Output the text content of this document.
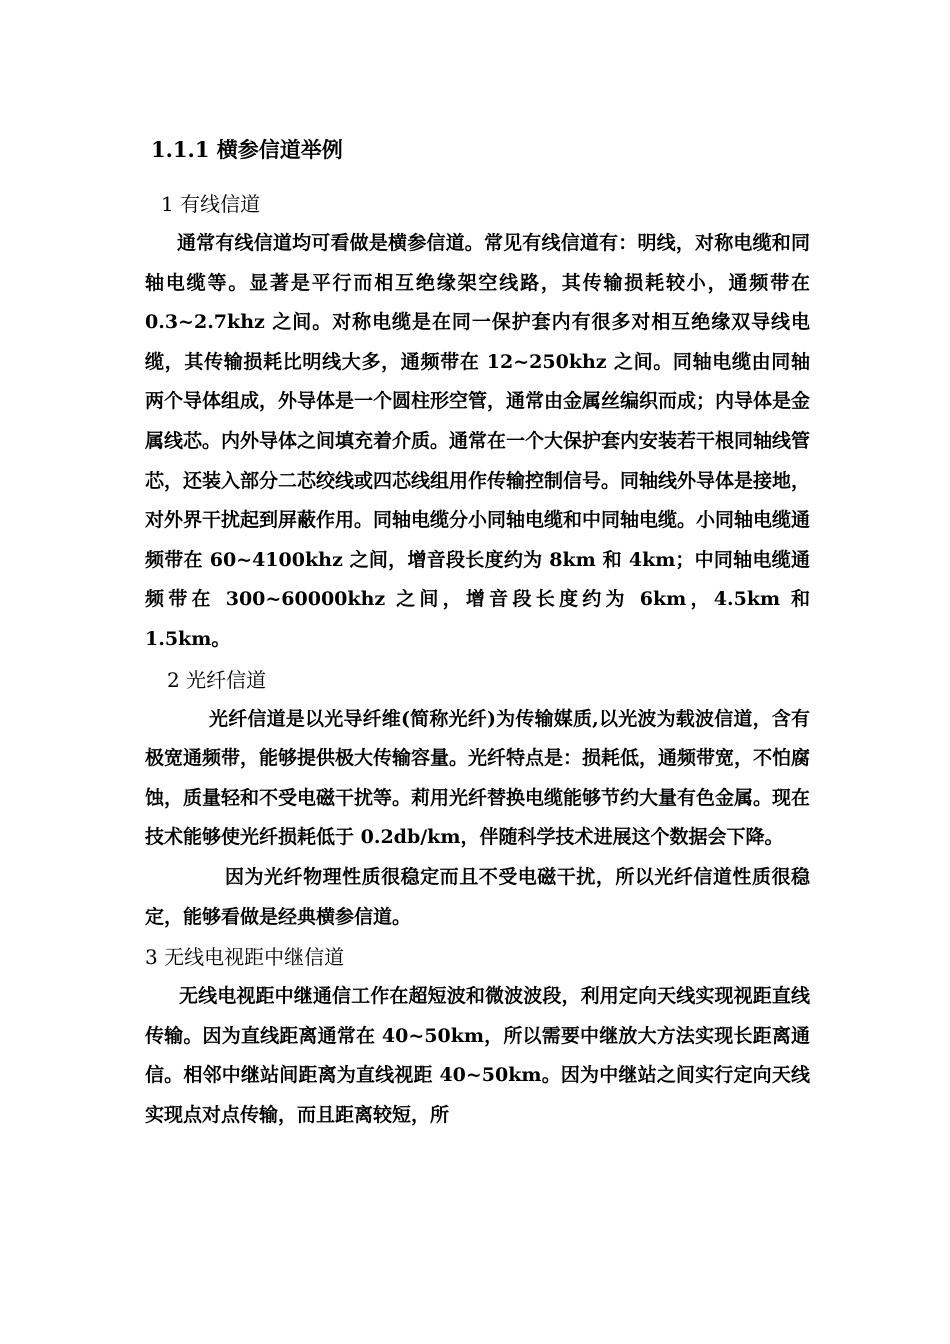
1.1.1 横参信道举例
1 有线信道

通常有线信道均可看做是横参信道。常见有线信道有：明线，对称电缆和同轴电缆等。显著是平行而相互绝缘架空线路，其传输损耗较小，通频带在 0.3~2.7khz 之间。对称电缆是在同一保护套内有很多对相互绝缘双导线电缆，其传输损耗比明线大多，通频带在 12~250khz 之间。同轴电缆由同轴两个导体组成，外导体是一个圆柱形空管，通常由金属丝编织而成；内导体是金属线芯。内外导体之间填充着介质。通常在一个大保护套内安装若干根同轴线管芯，还装入部分二芯绞线或四芯线组用作传输控制信号。同轴线外导体是接地，对外界干扰起到屏蔽作用。同轴电缆分小同轴电缆和中同轴电缆。小同轴电缆通频带在 60~4100khz 之间，增音段长度约为 8km 和 4km；中同轴电缆通频带在 300~60000khz 之间，增音段长度约为 6km，4.5km 和 1.5km。

2 光纤信道

光纤信道是以光导纤维(简称光纤)为传输媒质,以光波为载波信道，含有极宽通频带，能够提供极大传输容量。光纤特点是：损耗低，通频带宽，不怕腐蚀，质量轻和不受电磁干扰等。莉用光纤替换电缆能够节约大量有色金属。现在技术能够使光纤损耗低于 0.2db/km，伴随科学技术进展这个数据会下降。

因为光纤物理性质很稳定而且不受电磁干扰，所以光纤信道性质很稳定，能够看做是经典横参信道。

3 无线电视距中继信道

无线电视距中继通信工作在超短波和微波波段，利用定向天线实现视距直线传输。因为直线距离通常在 40~50km，所以需要中继放大方法实现长距离通信。相邻中继站间距离为直线视距 40~50km。因为中继站之间实行定向天线实现点对点传输，而且距离较短，所
